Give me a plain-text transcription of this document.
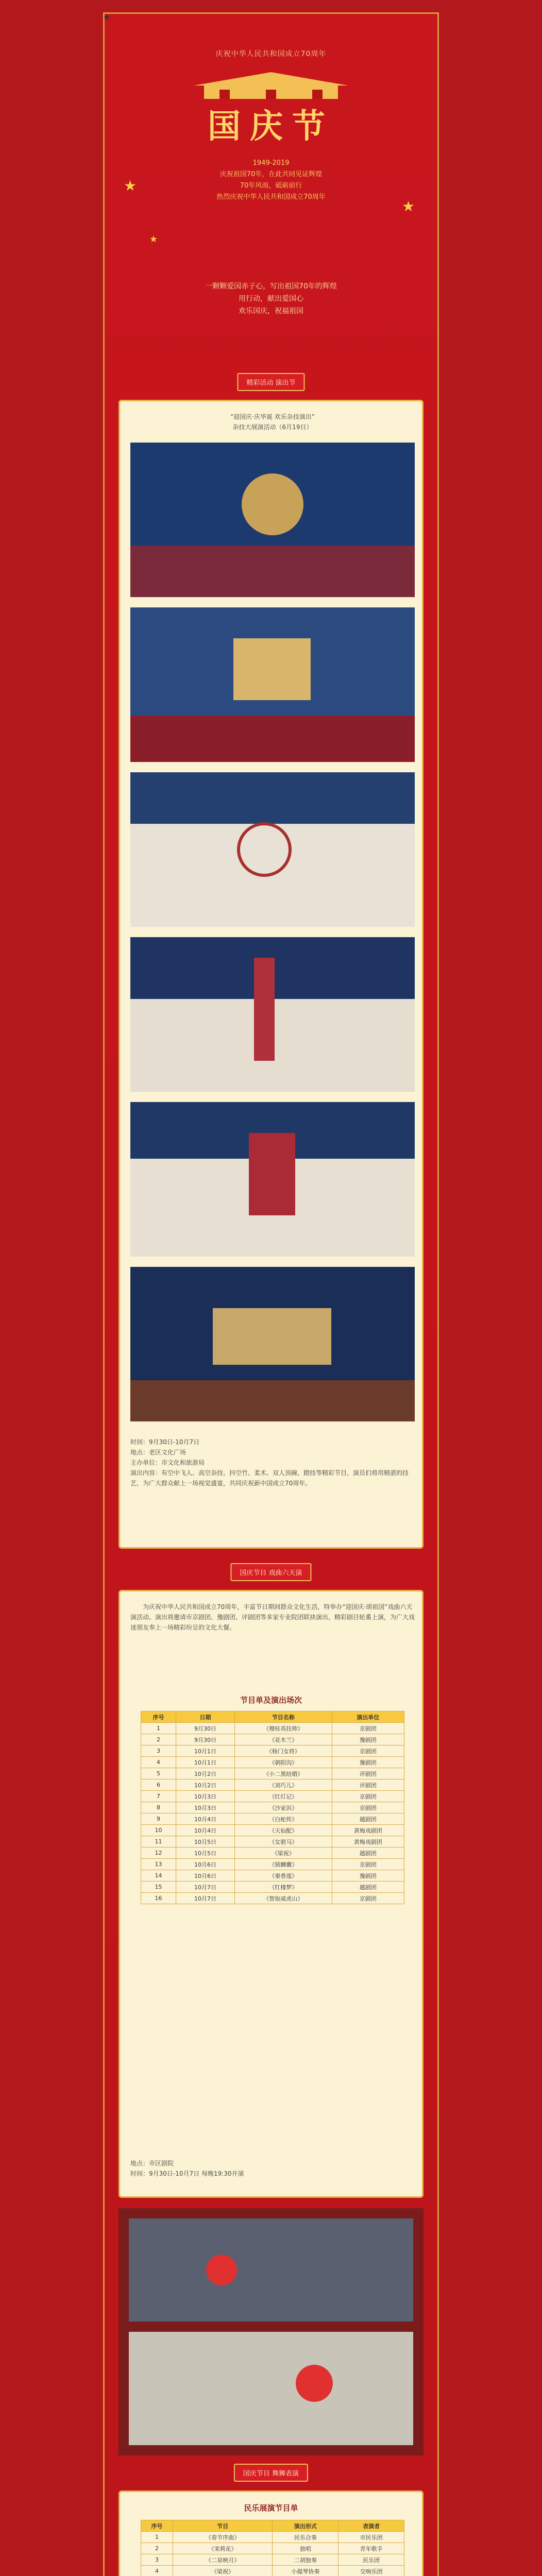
庆祝中华人民共和国成立70周年
国庆节
1949-2019
庆祝祖国70年，在此共同见证辉煌
70年风雨，砥砺前行
热烈庆祝中华人民共和国成立70周年
★
★
★
一颗颗爱国赤子心，写出祖国70年的辉煌
用行动，献出爱国心
欢乐国庆，祝福祖国
精彩活动 演出节
“迎国庆·庆华诞 欢乐杂技演出”
杂技大展演活动（6月19日）
时间：9月30日-10月7日
地点：老区文化广场
主办单位：市文化和旅游局
演出内容：有空中飞人、高空杂技、抖空竹、柔术、双人顶碗、蹬技等精彩节目，演员们将用精湛的技艺，为广大群众献上一场视觉盛宴，共同庆祝新中国成立70周年。
国庆节目 戏曲六天演
为庆祝中华人民共和国成立70周年，丰富节日期间群众文化生活，特举办“迎国庆·颂祖国”戏曲六天演活动。演出将邀请市京剧团、豫剧团、评剧团等多家专业院团联袂演出，精彩剧目轮番上演，为广大戏迷朋友奉上一场精彩纷呈的文化大餐。
节目单及演出场次
序号	日期	节目名称	演出单位
1	9月30日	《穆桂英挂帅》	京剧团
2	9月30日	《花木兰》	豫剧团
3	10月1日	《杨门女将》	京剧团
4	10月1日	《朝阳沟》	豫剧团
5	10月2日	《小二黑结婚》	评剧团
6	10月2日	《刘巧儿》	评剧团
7	10月3日	《红灯记》	京剧团
8	10月3日	《沙家浜》	京剧团
9	10月4日	《白蛇传》	越剧团
10	10月4日	《天仙配》	黄梅戏剧团
11	10月5日	《女驸马》	黄梅戏剧团
12	10月5日	《梁祝》	越剧团
13	10月6日	《锁麟囊》	京剧团
14	10月6日	《秦香莲》	豫剧团
15	10月7日	《红楼梦》	越剧团
16	10月7日	《智取威虎山》	京剧团
地点：市区剧院
时间：9月30日-10月7日 每晚19:30开演
国庆节目 舞狮表演
民乐展演节目单
序号	节目	演出形式	表演者
1	《春节序曲》	民乐合奏	市民乐团
2	《茉莉花》	独唱	青年歌手
3	《二泉映月》	二胡独奏	民乐团
4	《梁祝》	小提琴协奏	交响乐团

★
